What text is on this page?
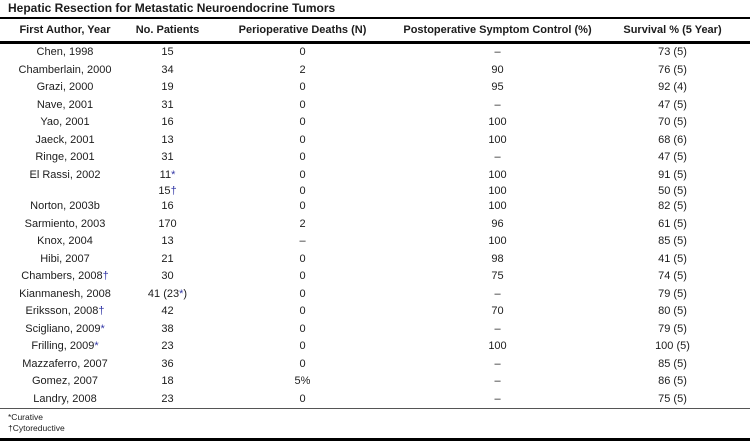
Hepatic Resection for Metastatic Neuroendocrine Tumors
First Author, Year	No. Patients	Perioperative Deaths (N)	Postoperative Symptom Control (%)	Survival % (5 Year)
Chen, 1998	15	0	–	73 (5)
Chamberlain, 2000	34	2	90	76 (5)
Grazi, 2000	19	0	95	92 (4)
Nave, 2001	31	0	–	47 (5)
Yao, 2001	16	0	100	70 (5)
Jaeck, 2001	13	0	100	68 (6)
Ringe, 2001	31	0	–	47 (5)
El Rassi, 2002	11*	0	100	91 (5)
	15†	0	100	50 (5)
Norton, 2003b	16	0	100	82 (5)
Sarmiento, 2003	170	2	96	61 (5)
Knox, 2004	13	–	100	85 (5)
Hibi, 2007	21	0	98	41 (5)
Chambers, 2008†	30	0	75	74 (5)
Kianmanesh, 2008	41 (23*)	0	–	79 (5)
Eriksson, 2008†	42	0	70	80 (5)
Scigliano, 2009*	38	0	–	79 (5)
Frilling, 2009*	23	0	100	100 (5)
Mazzaferro, 2007	36	0	–	85 (5)
Gomez, 2007	18	5%	–	86 (5)
Landry, 2008	23	0	–	75 (5)
*Curative
†Cytoreductive
